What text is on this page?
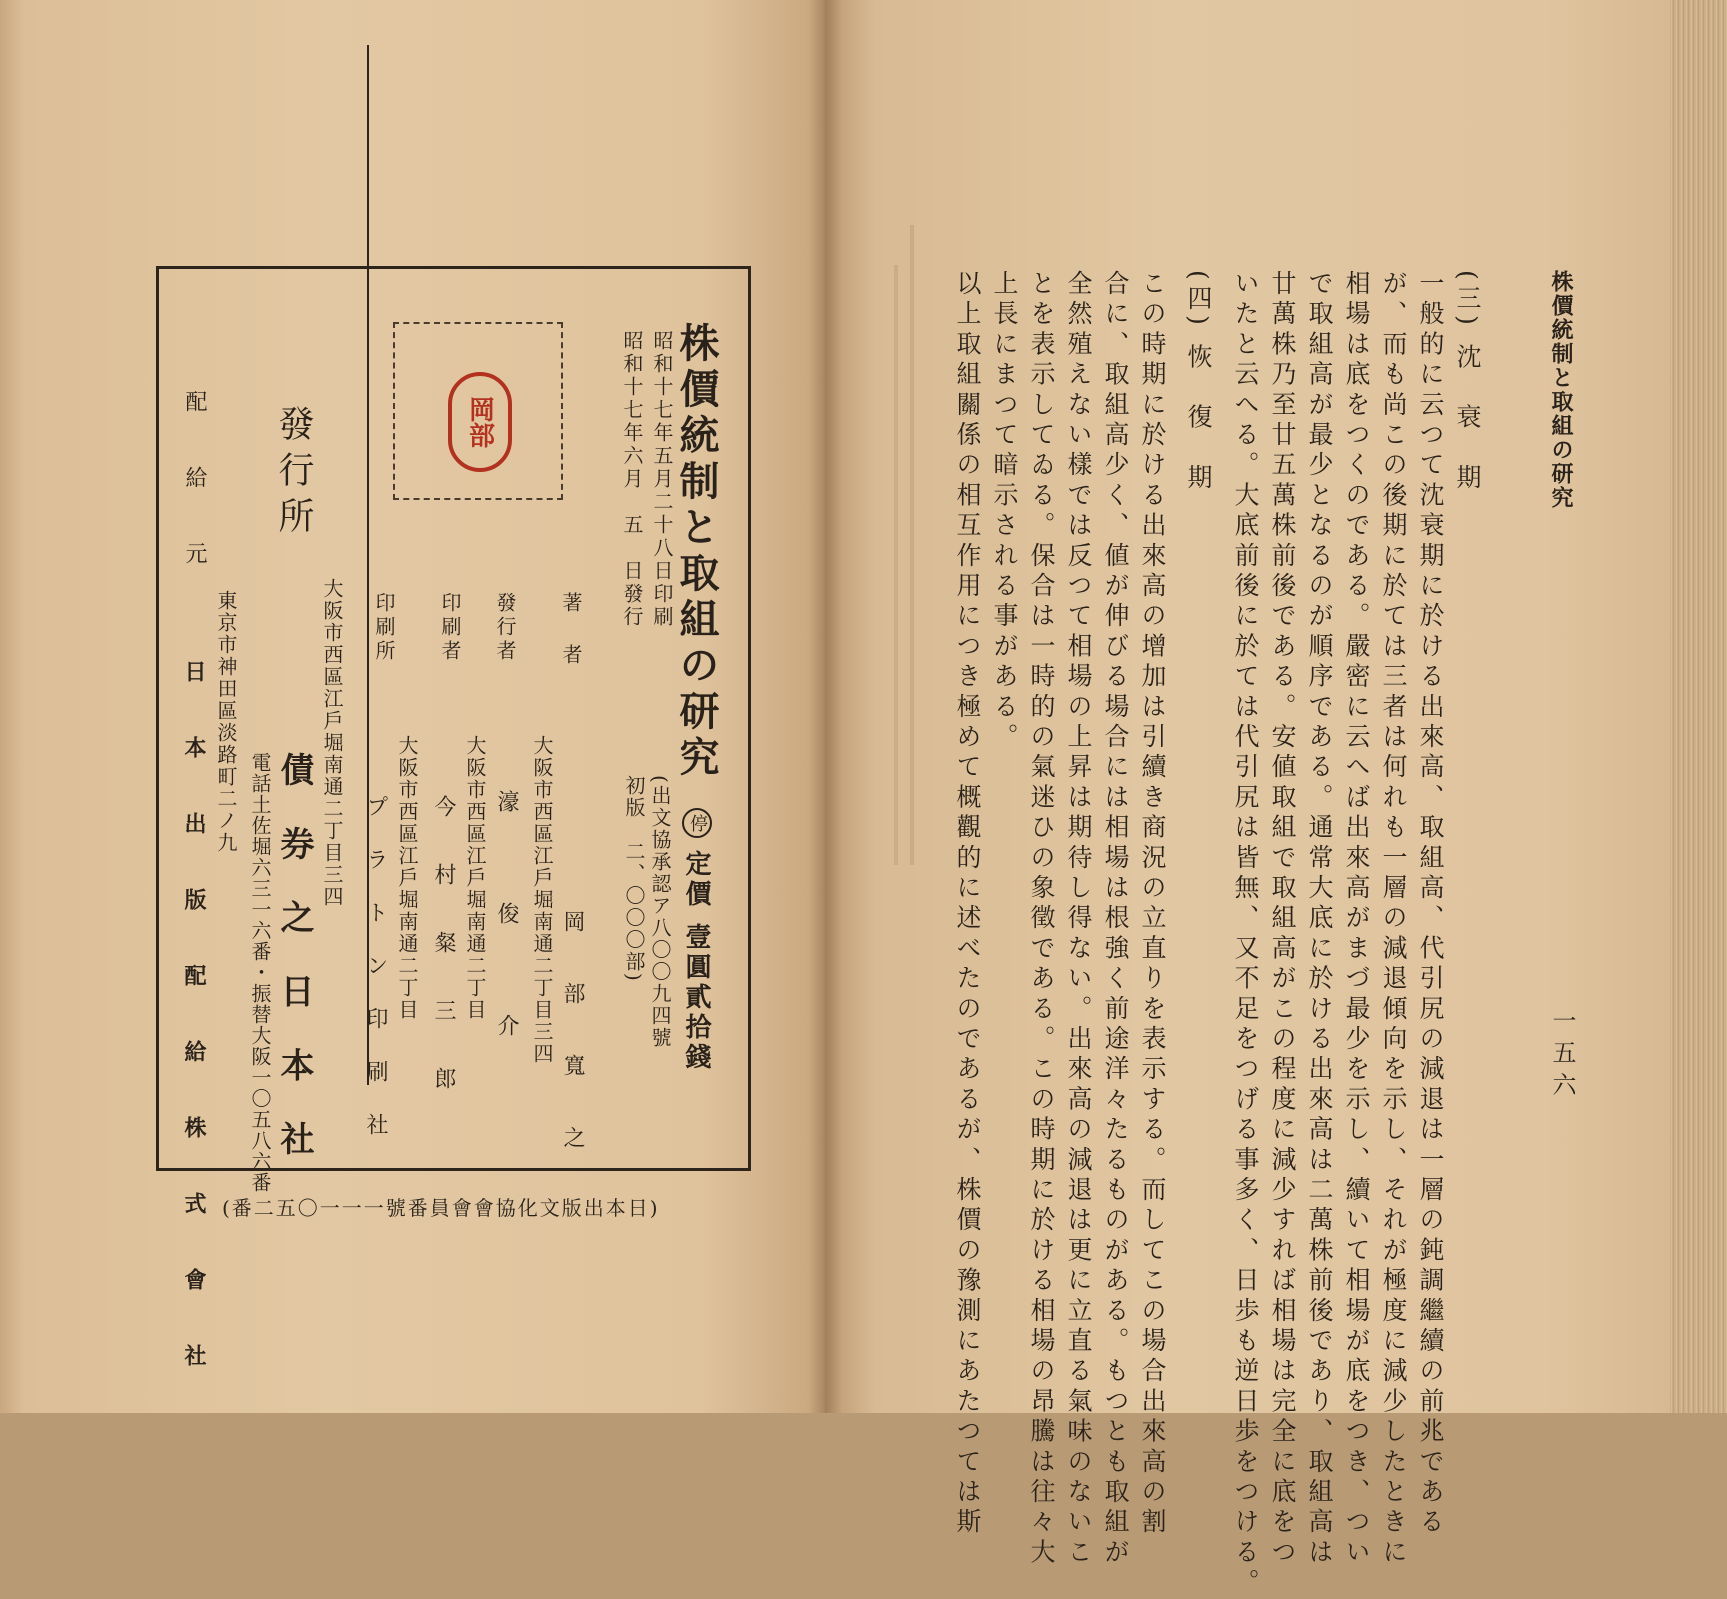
株價統制と取組の研究
一五六
(三) 沈　衰　期
一般的に云つて沈衰期に於ける出來高、取組高、代引尻の減退は一層の鈍調繼續の前兆である
が、而も尚この後期に於ては三者は何れも一層の減退傾向を示し、それが極度に減少したときに
相場は底をつくのである。嚴密に云へば出來高がまづ最少を示し、續いて相場が底をつき、つい
で取組高が最少となるのが順序である。通常大底に於ける出來高は二萬株前後であり、取組高は
廿萬株乃至廿五萬株前後である。安値取組で取組高がこの程度に減少すれば相場は完全に底をつ
いたと云へる。大底前後に於ては代引尻は皆無、又不足をつげる事多く、日歩も逆日歩をつける。
(四) 恢　復　期
この時期に於ける出來高の增加は引續き商況の立直りを表示する。而してこの場合出來高の割
合に、取組高少く、値が伸びる場合には相場は根強く前途洋々たるものがある。もつとも取組が
全然殖えない樣では反つて相場の上昇は期待し得ない。出來高の減退は更に立直る氣味のないこ
とを表示してゐる。保合は一時的の氣迷ひの象徵である。この時期に於ける相場の昂騰は往々大
上長にまつて暗示される事がある。
以上取組關係の相互作用につき極めて概觀的に述べたのであるが、株價の豫測にあたつては斯
株價統制と取組の研究
昭和十七年五月二十八日印刷
昭和十七年六月　五　日發行
停
定價 壹圓貳拾錢
(出文協承認ア八〇〇九四號
初版　二、〇〇〇部)
岡部
著　者
岡　部　寬　之
大阪市西區江戶堀南通二丁目三四
發行者
濠　　　俊　　　介
印刷者
大阪市西區江戶堀南通二丁目
今　村　粲　三　郎
印刷所
大阪市西區江戶堀南通二丁目
プ ラ ト ン 印 刷 社
發行所
大阪市西區江戶堀南通二丁目三四
債 券 之 日 本 社
電話土佐堀六三一六番・振替大阪一〇五八六番
配　給　元
東京市神田區淡路町二ノ九
日　本　出　版　配　給　株　式　會　社 (日本出版文化協會會員番號一一一〇五二番)
